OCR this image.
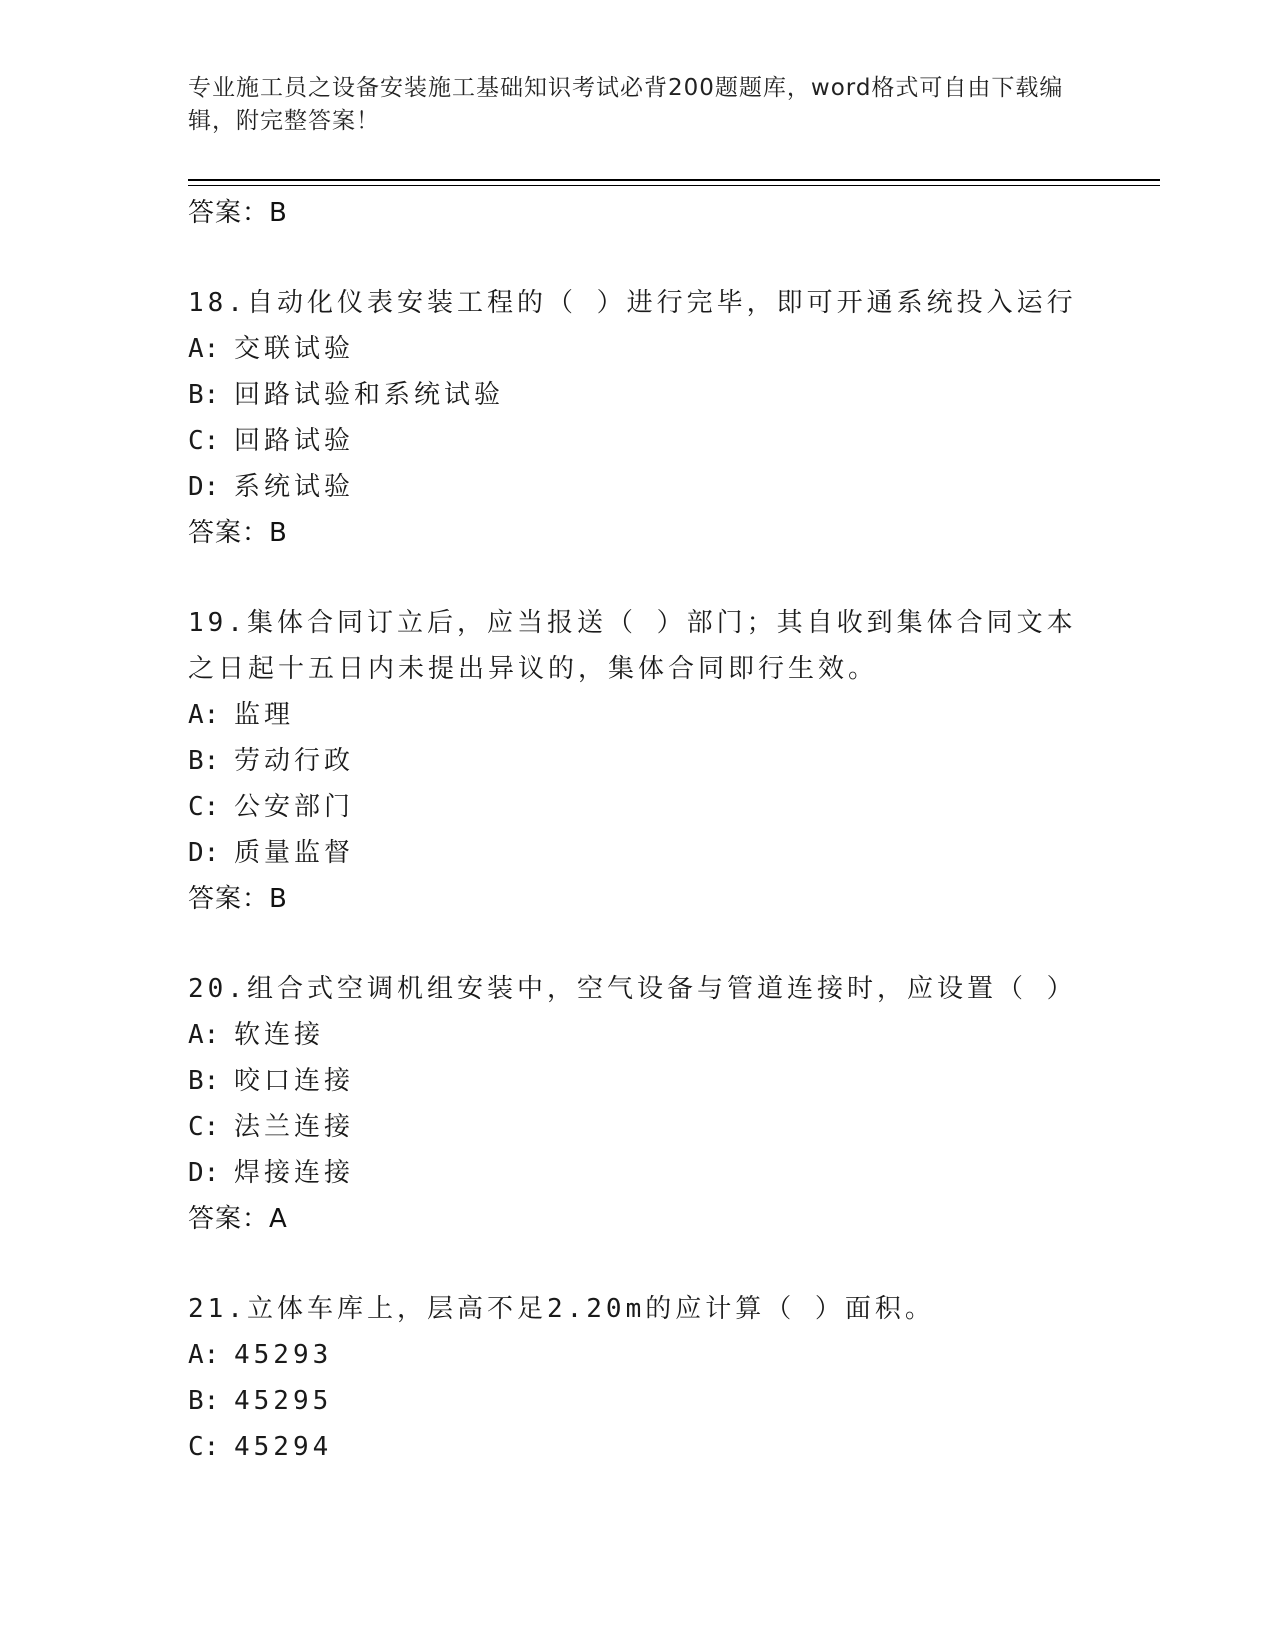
专业施工员之设备安装施工基础知识考试必背200题题库，word格式可自由下载编辑，附完整答案！

答案：B

18.自动化仪表安装工程的（ ）进行完毕，即可开通系统投入运行

A: 交联试验

B: 回路试验和系统试验

C: 回路试验

D: 系统试验

答案：B

19.集体合同订立后，应当报送（ ）部门；其自收到集体合同文本之日起十五日内未提出异议的，集体合同即行生效。

A: 监理

B: 劳动行政

C: 公安部门

D: 质量监督

答案：B

20.组合式空调机组安装中，空气设备与管道连接时，应设置（ ）

A: 软连接

B: 咬口连接

C: 法兰连接

D: 焊接连接

答案：A

21.立体车库上，层高不足2.20m的应计算（ ）面积。

A: 45293

B: 45295

C: 45294
